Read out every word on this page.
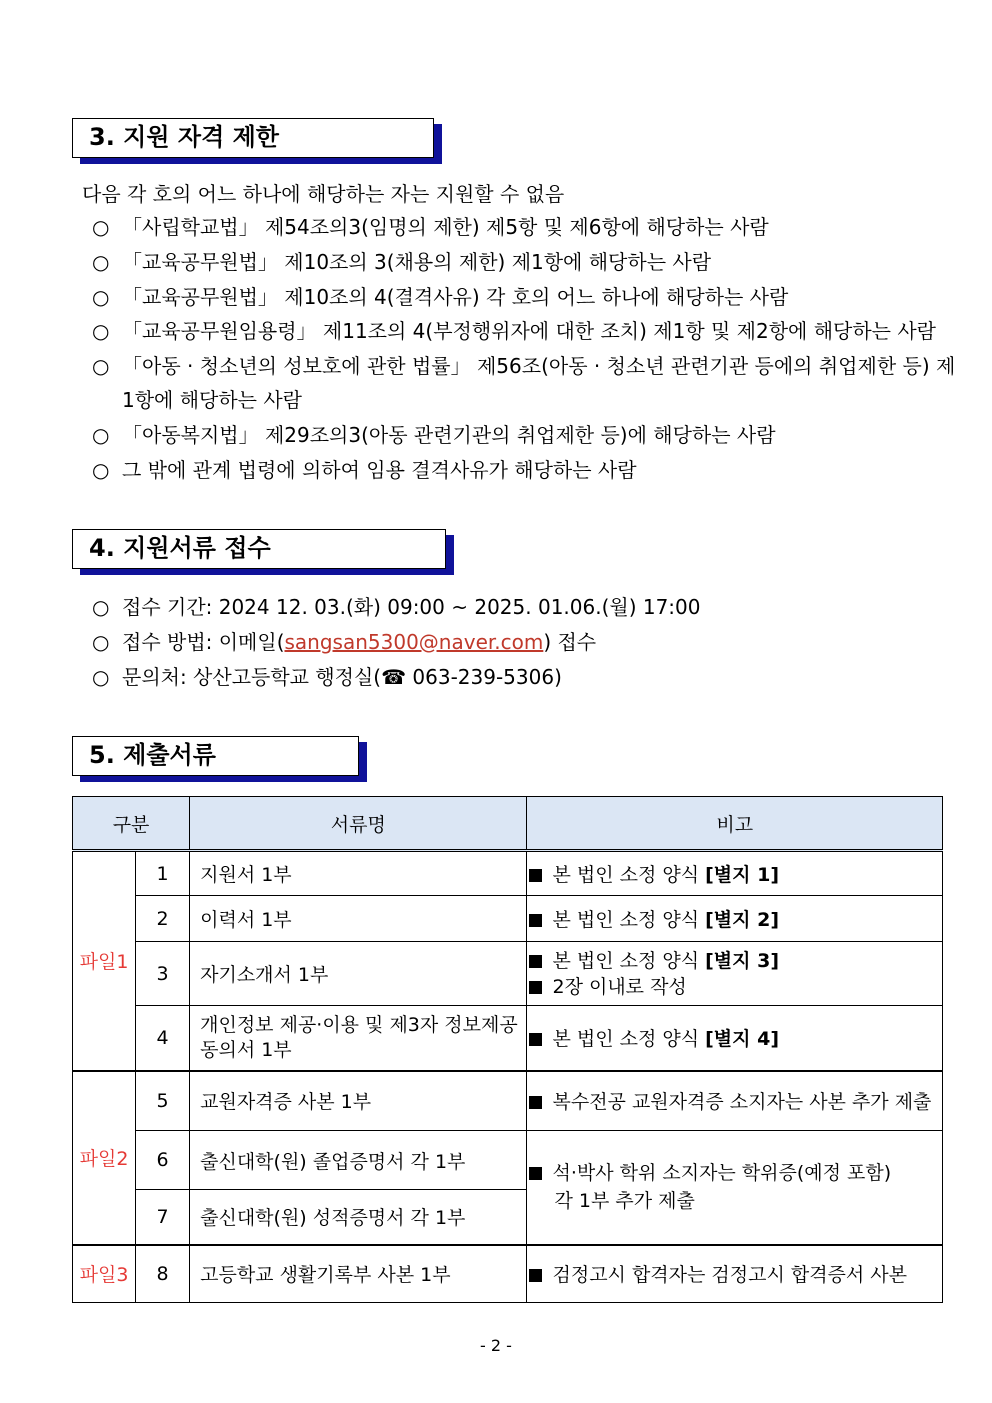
3. 지원 자격 제한
다음 각 호의 어느 하나에 해당하는 자는 지원할 수 없음
○ 「사립학교법」 제54조의3(임명의 제한) 제5항 및 제6항에 해당하는 사람
○ 「교육공무원법」 제10조의 3(채용의 제한) 제1항에 해당하는 사람
○ 「교육공무원법」 제10조의 4(결격사유) 각 호의 어느 하나에 해당하는 사람
○ 「교육공무원임용령」 제11조의 4(부정행위자에 대한 조치) 제1항 및 제2항에 해당하는 사람
○ 「아동 · 청소년의 성보호에 관한 법률」 제56조(아동 · 청소년 관련기관 등에의 취업제한 등) 제1항에 해당하는 사람
○ 「아동복지법」 제29조의3(아동 관련기관의 취업제한 등)에 해당하는 사람
○ 그 밖에 관계 법령에 의하여 임용 결격사유가 해당하는 사람
4. 지원서류 접수
○ 접수 기간: 2024 12. 03.(화) 09:00 ~ 2025. 01.06.(월) 17:00
○ 접수 방법: 이메일(sangsan5300@naver.com) 접수
○ 문의처: 상산고등학교 행정실(☎ 063-239-5306)
5. 제출서류
구분		서류명	비고
파일1	1	지원서 1부	본 법인 소정 양식 [별지 1]
	2	이력서 1부	본 법인 소정 양식 [별지 2]
	3	자기소개서 1부	본 법인 소정 양식 [별지 3]
2장 이내로 작성
	4	개인정보 제공·이용 및 제3자 정보제공 동의서 1부	본 법인 소정 양식 [별지 4]
파일2	5	교원자격증 사본 1부	복수전공 교원자격증 소지자는 사본 추가 제출
	6	출신대학(원) 졸업증명서 각 1부	석·박사 학위 소지자는 학위증(예정 포함)
각 1부 추가 제출
	7	출신대학(원) 성적증명서 각 1부	
파일3	8	고등학교 생활기록부 사본 1부	검정고시 합격자는 검정고시 합격증서 사본
- 2 -
